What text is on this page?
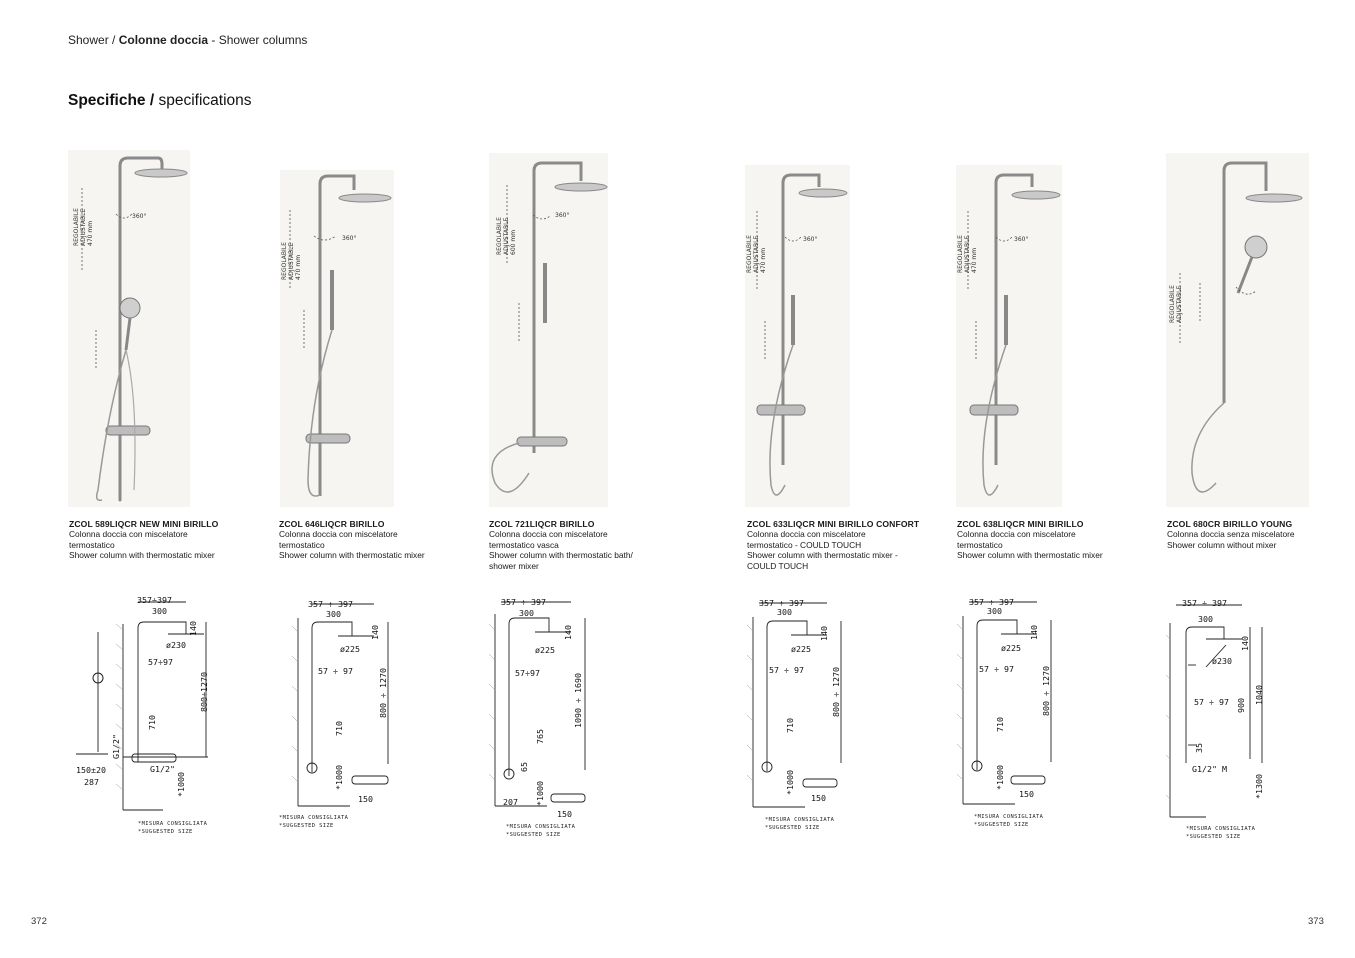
Shower / Colonne doccia - Shower columns
Specifiche / specifications
REGOLABILE ADJUSTABLE 470 mm
360°
ZCOL 589LIQCR NEW MINI BIRILLO
Colonna doccia con miscelatore
termostatico
Shower column with thermostatic mixer
357÷397
300
140
ø230
57÷97
800÷1270
710
*1000
G1/2"
G1/2"
150±20
287
*MISURA CONSIGLIATA
*SUGGESTED SIZE
REGOLABILE ADJUSTABLE 470 mm
360°
ZCOL 646LIQCR BIRILLO
Colonna doccia con miscelatore
termostatico
Shower column with thermostatic mixer
357 ÷ 397
300
140
ø225
57 ÷ 97	800 ÷ 1270
710
*1000
150
*MISURA CONSIGLIATA
*SUGGESTED SIZE
REGOLABILE ADJUSTABLE 600 mm
360°
ZCOL 721LIQCR BIRILLO
Colonna doccia con miscelatore
termostatico vasca
Shower column with thermostatic bath/
shower mixer
357 ÷ 397
300
140
ø225
57÷97
1090 ÷ 1690
765
65
*1000
207
150
*MISURA CONSIGLIATA
*SUGGESTED SIZE
REGOLABILE ADJUSTABLE 470 mm
360°
ZCOL 633LIQCR MINI BIRILLO CONFORT
Colonna doccia con miscelatore
termostatico - COULD TOUCH
Shower column with thermostatic mixer -
COULD TOUCH
357 ÷ 397
300
140
ø225
57 ÷ 97	800 ÷ 1270
710
*1000
150
*MISURA CONSIGLIATA
*SUGGESTED SIZE
REGOLABILE ADJUSTABLE 470 mm
360°
ZCOL 638LIQCR MINI BIRILLO
Colonna doccia con miscelatore
termostatico
Shower column with thermostatic mixer
357 ÷ 397
300
140
ø225
57 ÷ 97	800 ÷ 1270
710
*1000
150
*MISURA CONSIGLIATA
*SUGGESTED SIZE
REGOLABILE ADJUSTABLE
ZCOL 680CR BIRILLO YOUNG
Colonna doccia senza miscelatore
Shower column without mixer
357 ÷ 397
300
140
ø230
57 ÷ 97 900
1040
35
G1/2" M
*1300
*MISURA CONSIGLIATA
*SUGGESTED SIZE
372	373
